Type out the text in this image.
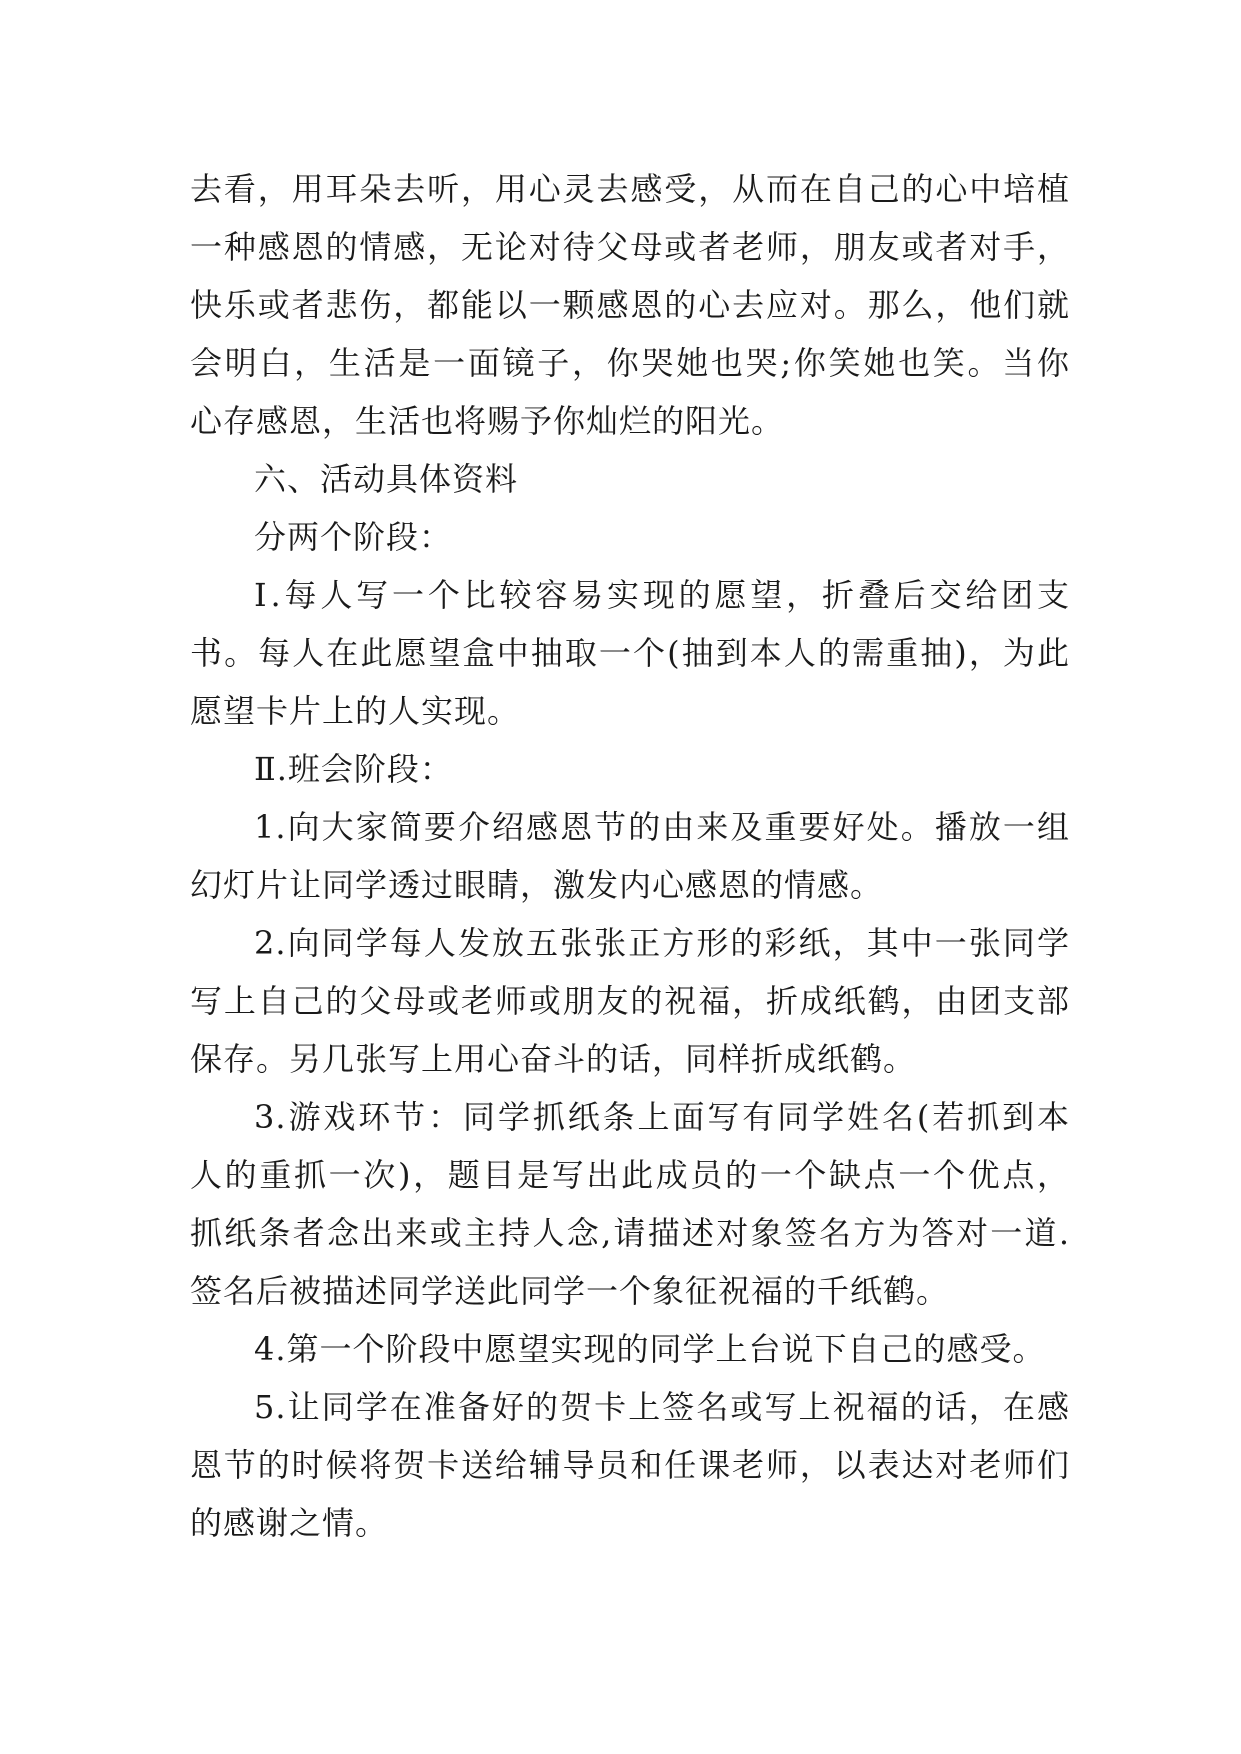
去看，用耳朵去听，用心灵去感受，从而在自己的心中培植
一种感恩的情感，无论对待父母或者老师，朋友或者对手，
快乐或者悲伤，都能以一颗感恩的心去应对。那么，他们就
会明白，生活是一面镜子，你哭她也哭;你笑她也笑。当你
心存感恩，生活也将赐予你灿烂的阳光。
六、活动具体资料
分两个阶段：
Ⅰ.每人写一个比较容易实现的愿望，折叠后交给团支
书。每人在此愿望盒中抽取一个(抽到本人的需重抽)，为此
愿望卡片上的人实现。
Ⅱ.班会阶段：
1.向大家简要介绍感恩节的由来及重要好处。播放一组
幻灯片让同学透过眼睛，激发内心感恩的情感。
2.向同学每人发放五张张正方形的彩纸，其中一张同学
写上自己的父母或老师或朋友的祝福，折成纸鹤，由团支部
保存。另几张写上用心奋斗的话，同样折成纸鹤。
3.游戏环节：同学抓纸条上面写有同学姓名(若抓到本
人的重抓一次)，题目是写出此成员的一个缺点一个优点，
抓纸条者念出来或主持人念,请描述对象签名方为答对一道.
签名后被描述同学送此同学一个象征祝福的千纸鹤。
4.第一个阶段中愿望实现的同学上台说下自己的感受。
5.让同学在准备好的贺卡上签名或写上祝福的话，在感
恩节的时候将贺卡送给辅导员和任课老师，以表达对老师们
的感谢之情。
